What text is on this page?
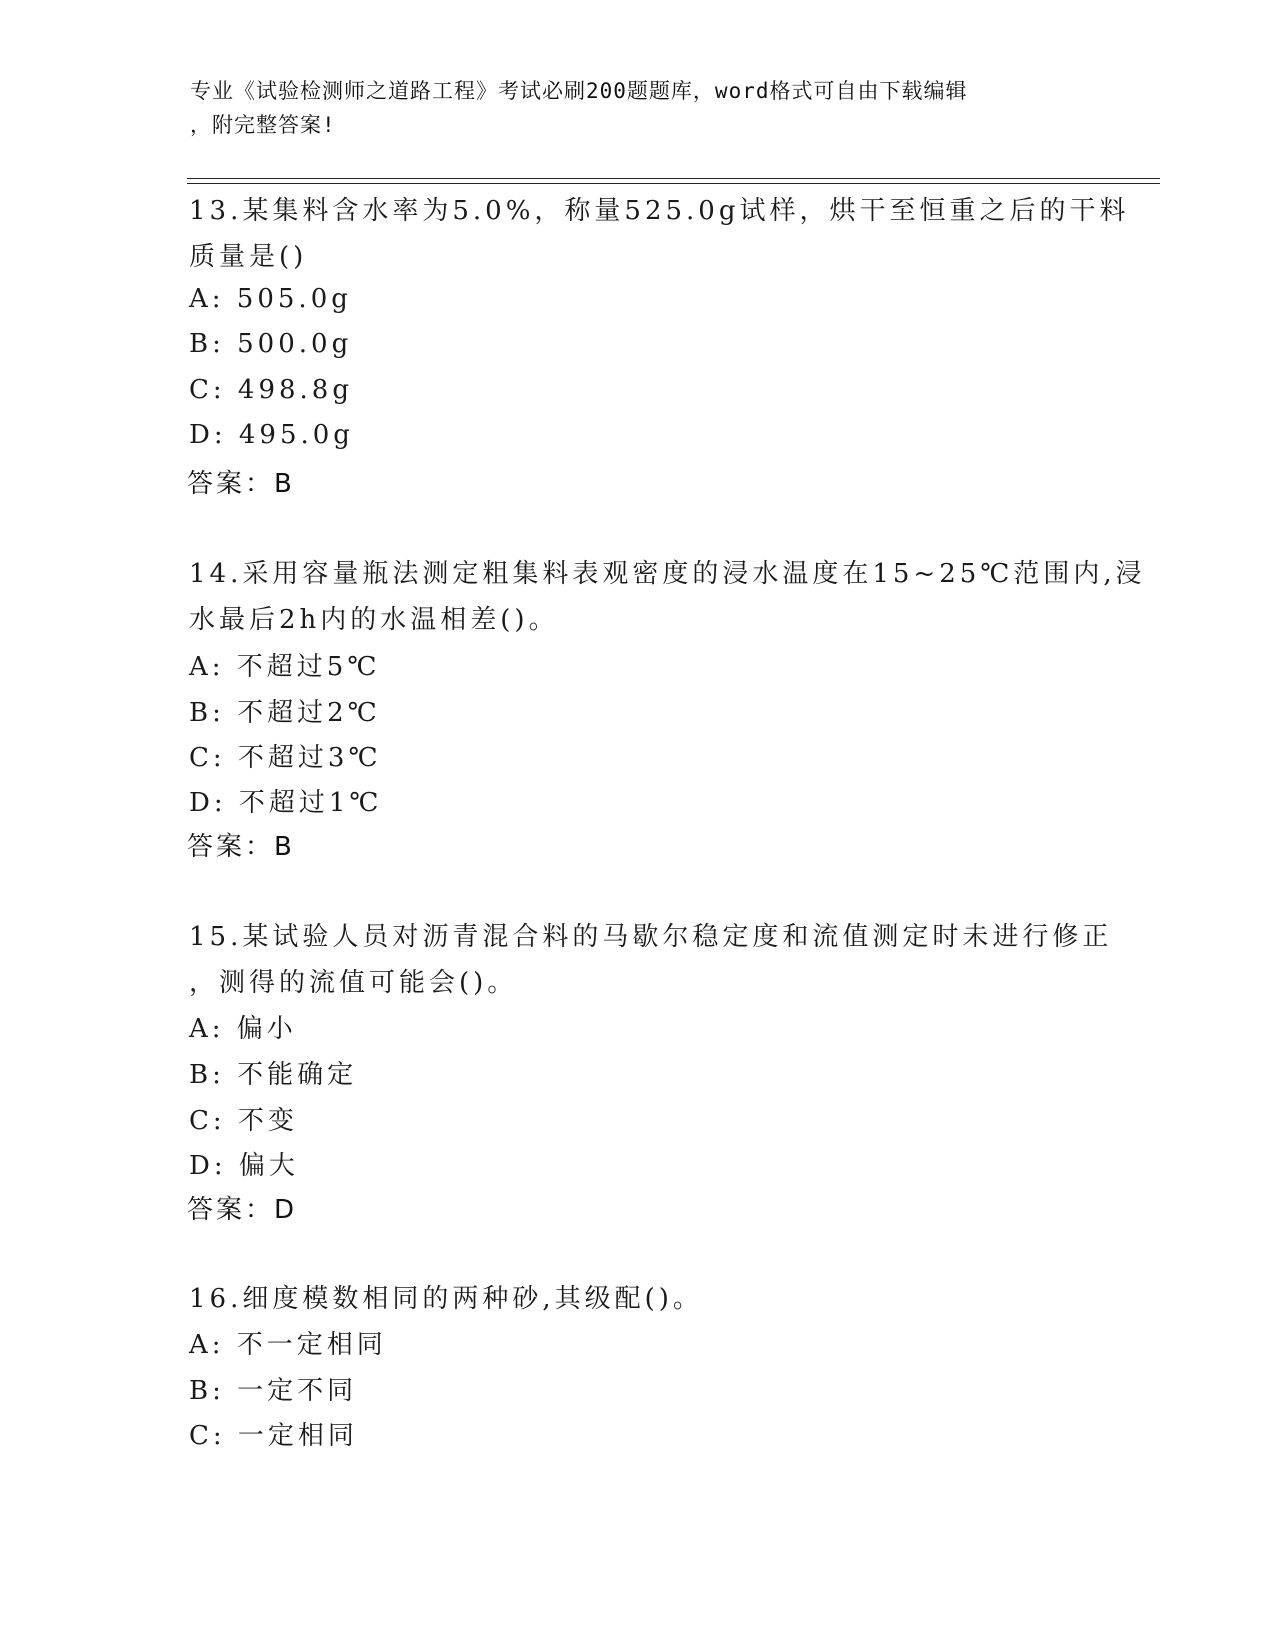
专业《试验检测师之道路工程》考试必刷200题题库，word格式可自由下载编辑
，附完整答案!
13.某集料含水率为5.0%，称量525.0g试样，烘干至恒重之后的干料
质量是()
A: 505.0g
B: 500.0g
C: 498.8g
D: 495.0g
答案：B
14.采用容量瓶法测定粗集料表观密度的浸水温度在15~25℃范围内,浸
水最后2h内的水温相差()。
A: 不超过5℃
B: 不超过2℃
C: 不超过3℃
D: 不超过1℃
答案：B
15.某试验人员对沥青混合料的马歇尔稳定度和流值测定时未进行修正
，测得的流值可能会()。
A: 偏小
B: 不能确定
C: 不变
D: 偏大
答案：D
16.细度模数相同的两种砂,其级配()。
A: 不一定相同
B: 一定不同
C: 一定相同
